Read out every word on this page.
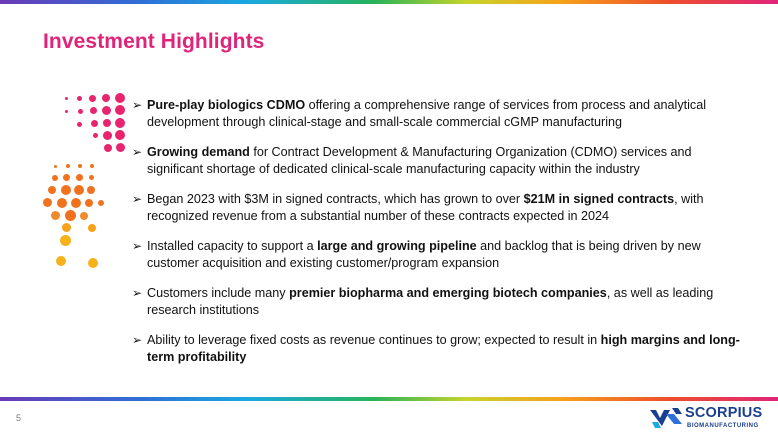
Investment Highlights
➢ Pure-play biologics CDMO offering a comprehensive range of services from process and analytical development through clinical-stage and small-scale commercial cGMP manufacturing
➢ Growing demand for Contract Development & Manufacturing Organization (CDMO) services and significant shortage of dedicated clinical-scale manufacturing capacity within the industry
➢ Began 2023 with $3M in signed contracts, which has grown to over $21M in signed contracts, with recognized revenue from a substantial number of these contracts expected in 2024
➢ Installed capacity to support a large and growing pipeline and backlog that is being driven by new customer acquisition and existing customer/program expansion
➢ Customers include many premier biopharma and emerging biotech companies, as well as leading research institutions
➢ Ability to leverage fixed costs as revenue continues to grow; expected to result in high margins and long-term profitability
5	SCORPIUS
BIOMANUFACTURING
